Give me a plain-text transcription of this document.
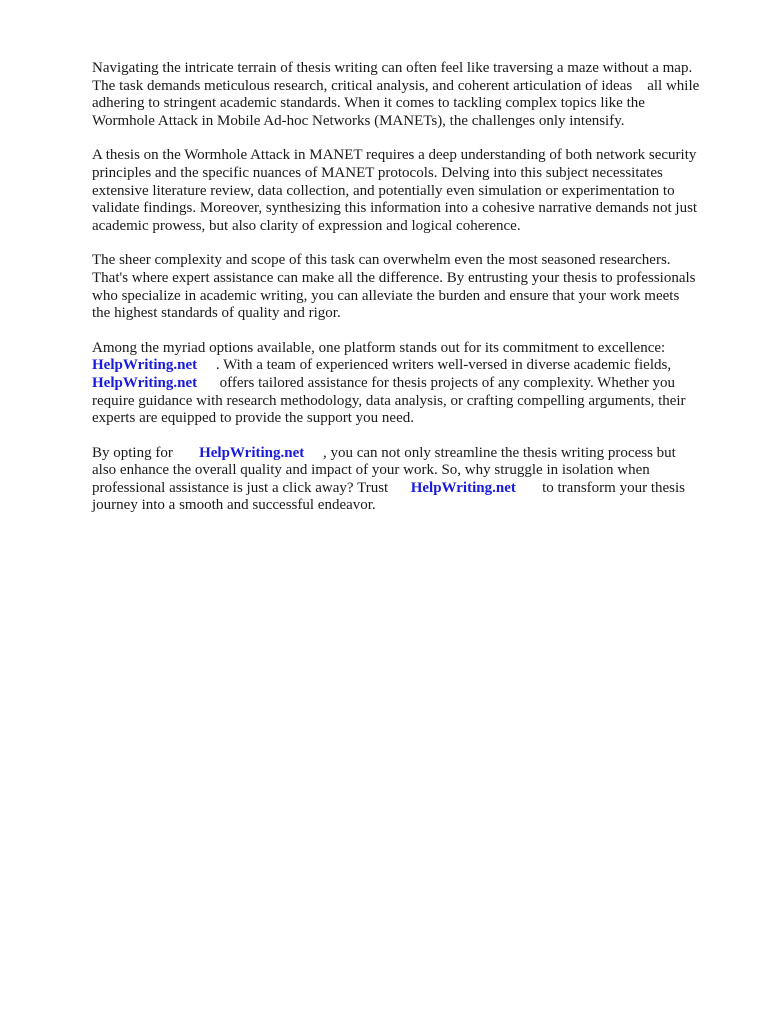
Navigating the intricate terrain of thesis writing can often feel like traversing a maze without a map.
The task demands meticulous research, critical analysis, and coherent articulation of ideas    all while
adhering to stringent academic standards. When it comes to tackling complex topics like the
Wormhole Attack in Mobile Ad-hoc Networks (MANETs), the challenges only intensify.

A thesis on the Wormhole Attack in MANET requires a deep understanding of both network security
principles and the specific nuances of MANET protocols. Delving into this subject necessitates
extensive literature review, data collection, and potentially even simulation or experimentation to
validate findings. Moreover, synthesizing this information into a cohesive narrative demands not just
academic prowess, but also clarity of expression and logical coherence.

The sheer complexity and scope of this task can overwhelm even the most seasoned researchers.
That's where expert assistance can make all the difference. By entrusting your thesis to professionals
who specialize in academic writing, you can alleviate the burden and ensure that your work meets
the highest standards of quality and rigor.

Among the myriad options available, one platform stands out for its commitment to excellence:
HelpWriting.net     . With a team of experienced writers well-versed in diverse academic fields,
HelpWriting.net      offers tailored assistance for thesis projects of any complexity. Whether you
require guidance with research methodology, data analysis, or crafting compelling arguments, their
experts are equipped to provide the support you need.

By opting for       HelpWriting.net     , you can not only streamline the thesis writing process but
also enhance the overall quality and impact of your work. So, why struggle in isolation when
professional assistance is just a click away? Trust      HelpWriting.net       to transform your thesis
journey into a smooth and successful endeavor.
